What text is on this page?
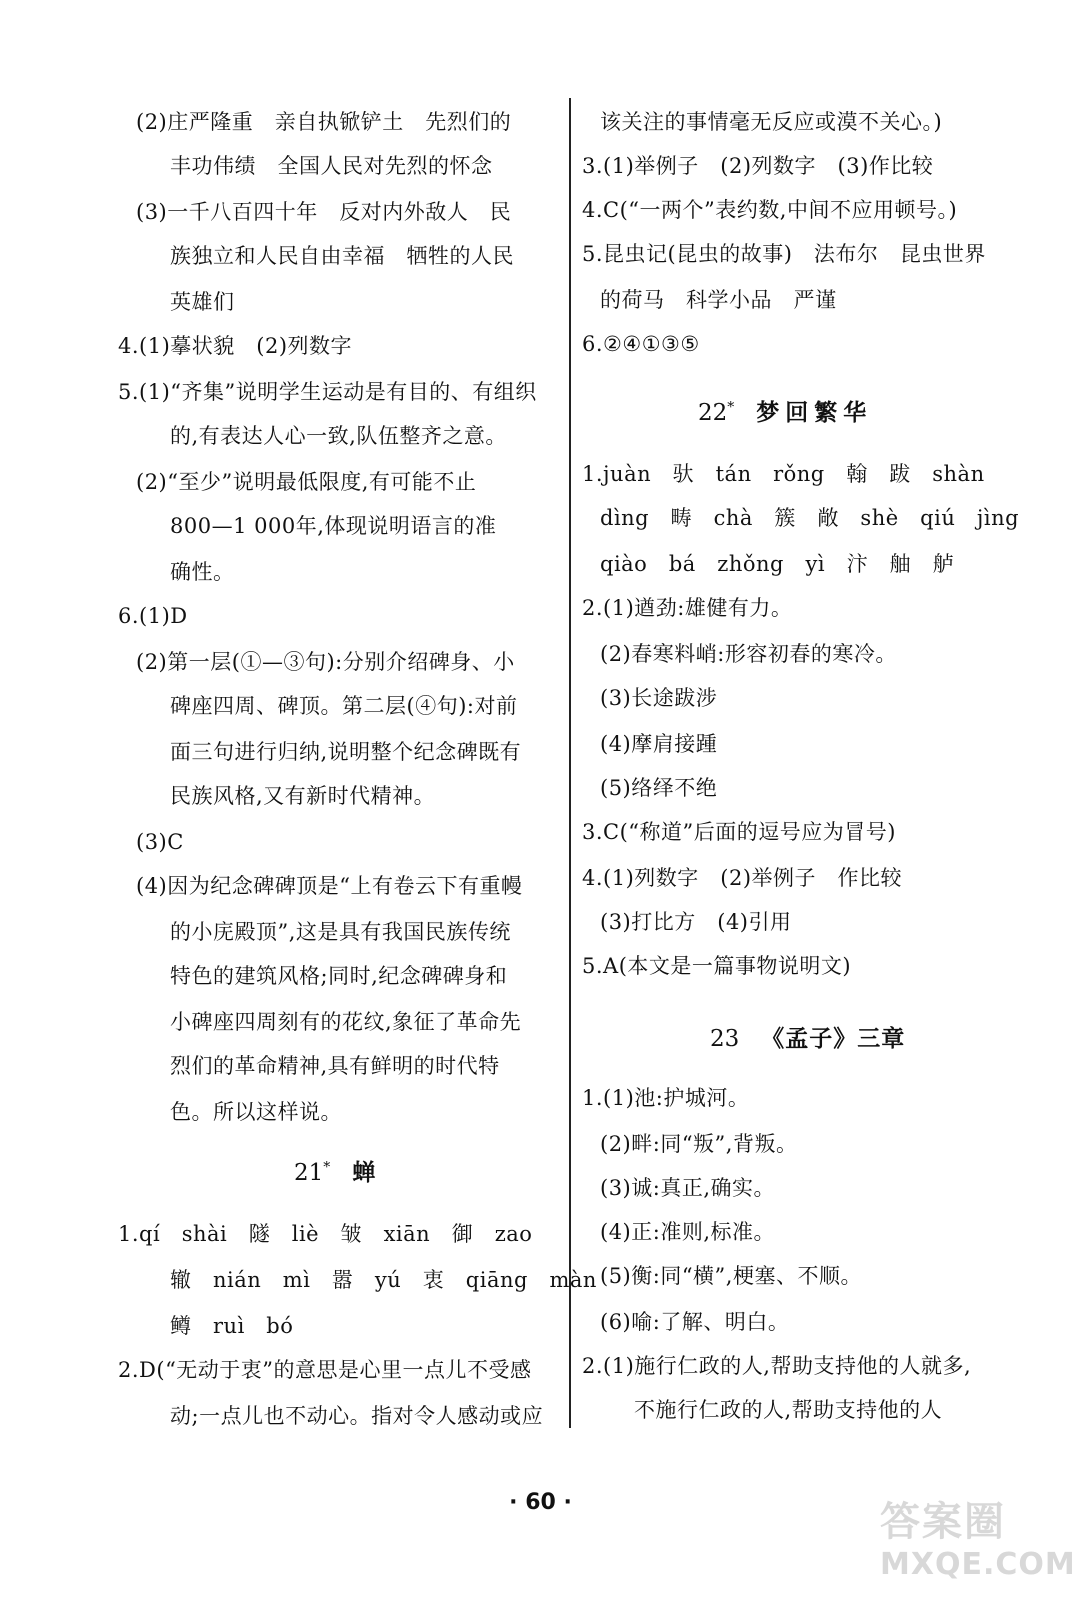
21* 蝉
(2)庄严隆重　亲自执锨铲土　先烈们的
丰功伟绩　全国人民对先烈的怀念
(3)一千八百四十年　反对内外敌人　民
族独立和人民自由幸福　牺牲的人民
英雄们
4.(1)摹状貌　(2)列数字
5.(1)“齐集”说明学生运动是有目的、有组织
的,有表达人心一致,队伍整齐之意。
(2)“至少”说明最低限度,有可能不止
800—1 000年,体现说明语言的准
确性。
6.(1)D
(2)第一层(①—③句):分别介绍碑身、小
碑座四周、碑顶。第二层(④句):对前
面三句进行归纳,说明整个纪念碑既有
民族风格,又有新时代精神。
(3)C
(4)因为纪念碑碑顶是“上有卷云下有重幔
的小庑殿顶”,这是具有我国民族传统
特色的建筑风格;同时,纪念碑碑身和
小碑座四周刻有的花纹,象征了革命先
烈们的革命精神,具有鲜明的时代特
色。所以这样说。
1.qí　shài　隧　liè　皱　xiān　御　zao
辙　nián　mì　嚣　yú　衷　qiāng　màn
鳟　ruì　bó
2.D(“无动于衷”的意思是心里一点儿不受感
动;一点儿也不动心。指对令人感动或应
22* 梦回繁华
23 《孟子》三章
该关注的事情毫无反应或漠不关心。)
3.(1)举例子　(2)列数字　(3)作比较
4.C(“一两个”表约数,中间不应用顿号。)
5.昆虫记(昆虫的故事)　法布尔　昆虫世界
的荷马　科学小品　严谨
6.②④①③⑤
1.juàn　驮　tán　rǒng　翰　跋　shàn
dìng　畴　chà　簇　敞　shè　qiú　jìng
qiào　bá　zhǒng　yì　汴　舳　舻
2.(1)遒劲:雄健有力。
(2)春寒料峭:形容初春的寒冷。
(3)长途跋涉
(4)摩肩接踵
(5)络绎不绝
3.C(“称道”后面的逗号应为冒号)
4.(1)列数字　(2)举例子　作比较
(3)打比方　(4)引用
5.A(本文是一篇事物说明文)
1.(1)池:护城河。
(2)畔:同“叛”,背叛。
(3)诚:真正,确实。
(4)正:准则,标准。
(5)衡:同“横”,梗塞、不顺。
(6)喻:了解、明白。
2.(1)施行仁政的人,帮助支持他的人就多,
不施行仁政的人,帮助支持他的人
· 60 ·	答案圈
MXQE.COM
